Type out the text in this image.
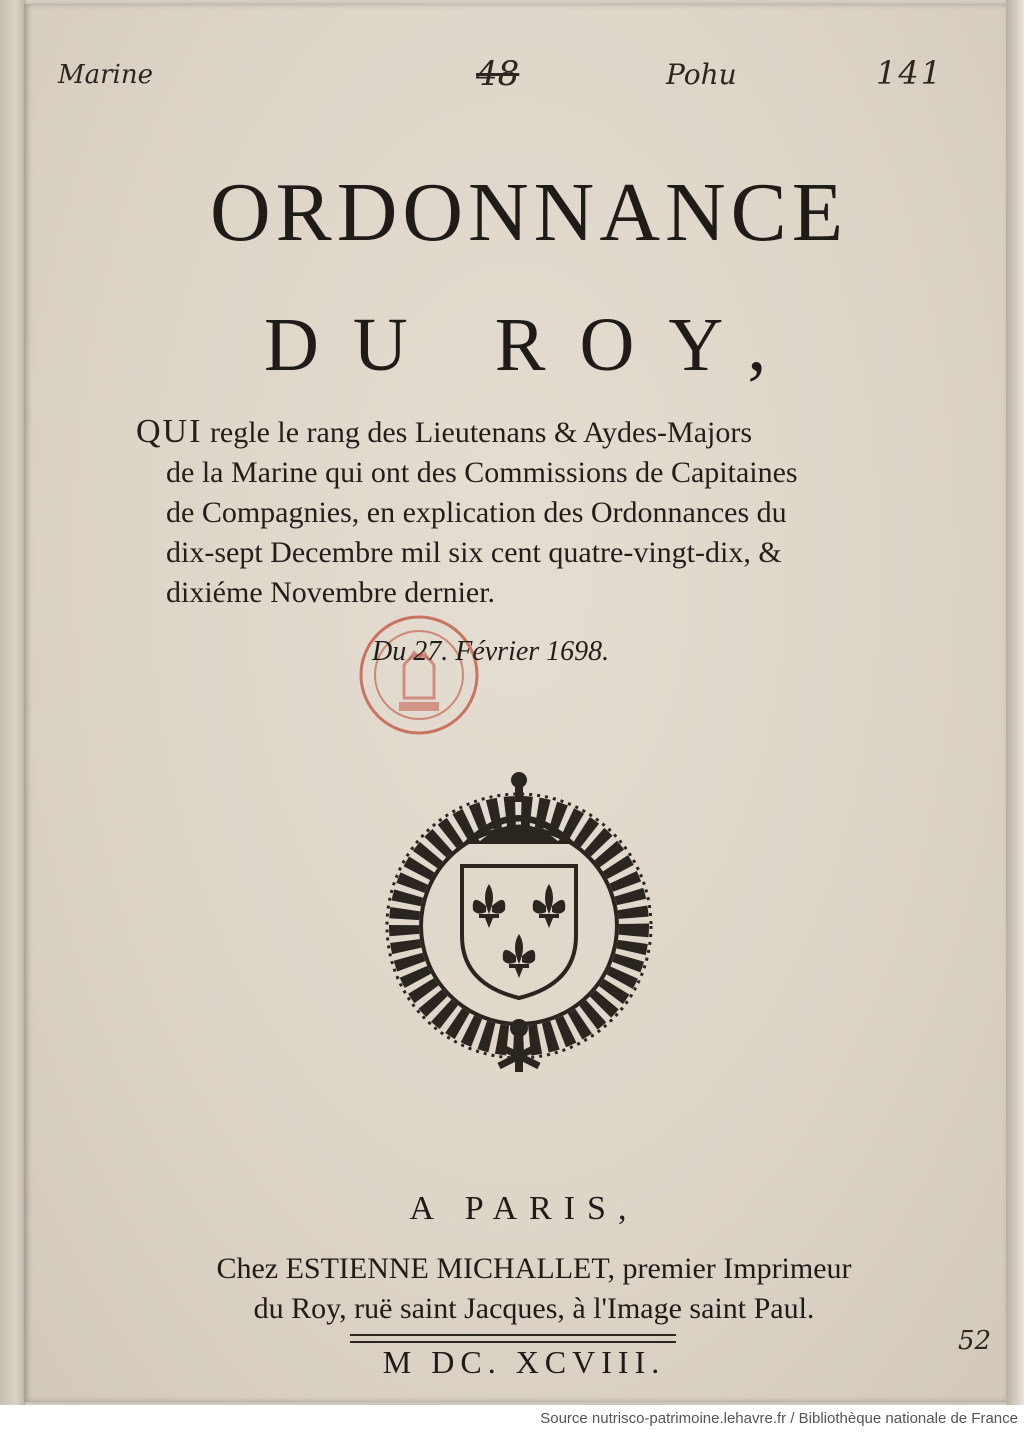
Marine	48	Pohu	141
ORDONNANCE
DU ROY,
QUI regle le rang des Lieutenans & Aydes-Majors
de la Marine qui ont des Commissions de Capitaines
de Compagnies, en explication des Ordonnances du
dix-sept Decembre mil six cent quatre-vingt-dix, &
dixiéme Novembre dernier.
Du 27. Février 1698.
A PARIS,
Chez ESTIENNE MICHALLET, premier Imprimeur
du Roy, ruë saint Jacques, à l'Image saint Paul.
M DC. XCVIII.
52
Source nutrisco-patrimoine.lehavre.fr / Bibliothèque nationale de France
